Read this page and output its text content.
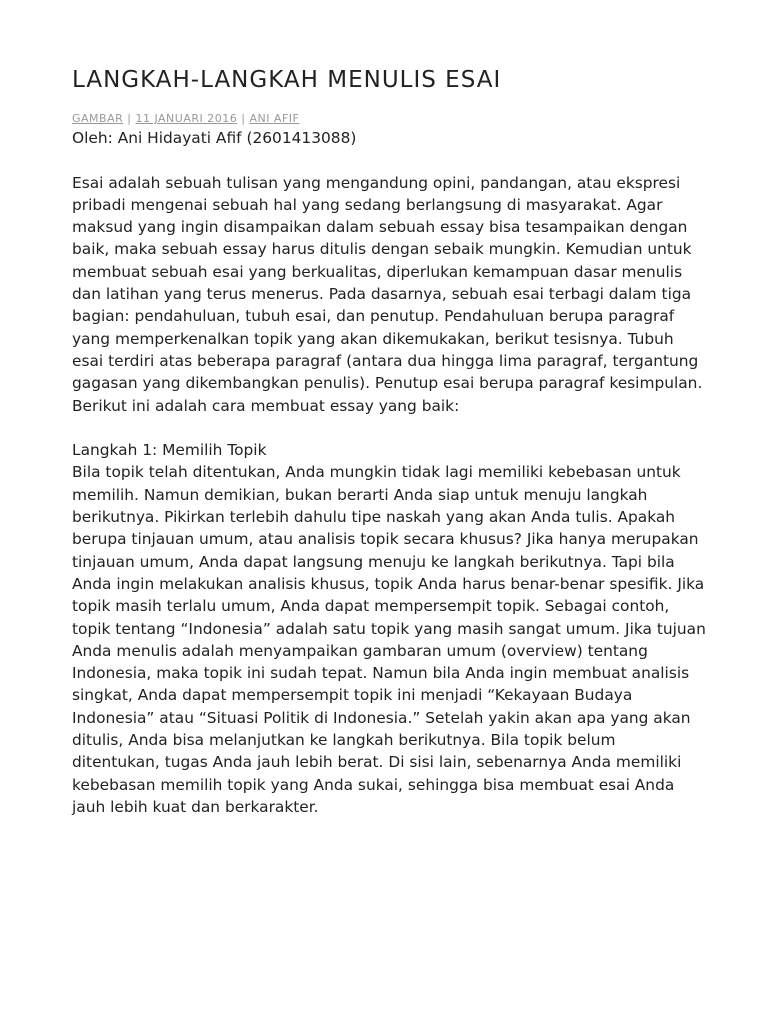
LANGKAH-LANGKAH MENULIS ESAI
GAMBAR | 11 JANUARI 2016 | ANI AFIF

Oleh: Ani Hidayati Afif (2601413088)

Esai adalah sebuah tulisan yang mengandung opini, pandangan, atau ekspresi pribadi mengenai sebuah hal yang sedang berlangsung di masyarakat. Agar maksud yang ingin disampaikan dalam sebuah essay bisa tesampaikan dengan baik, maka sebuah essay harus ditulis dengan sebaik mungkin. Kemudian untuk membuat sebuah esai yang berkualitas, diperlukan kemampuan dasar menulis dan latihan yang terus menerus. Pada dasarnya, sebuah esai terbagi dalam tiga bagian: pendahuluan, tubuh esai, dan penutup. Pendahuluan berupa paragraf yang memperkenalkan topik yang akan dikemukakan, berikut tesisnya. Tubuh esai terdiri atas beberapa paragraf (antara dua hingga lima paragraf, tergantung gagasan yang dikembangkan penulis). Penutup esai berupa paragraf kesimpulan. Berikut ini adalah cara membuat essay yang baik:

Langkah 1: Memilih Topik

Bila topik telah ditentukan, Anda mungkin tidak lagi memiliki kebebasan untuk memilih. Namun demikian, bukan berarti Anda siap untuk menuju langkah berikutnya. Pikirkan terlebih dahulu tipe naskah yang akan Anda tulis. Apakah berupa tinjauan umum, atau analisis topik secara khusus? Jika hanya merupakan tinjauan umum, Anda dapat langsung menuju ke langkah berikutnya. Tapi bila Anda ingin melakukan analisis khusus, topik Anda harus benar-benar spesifik. Jika topik masih terlalu umum, Anda dapat mempersempit topik. Sebagai contoh, topik tentang “Indonesia” adalah satu topik yang masih sangat umum. Jika tujuan Anda menulis adalah menyampaikan gambaran umum (overview) tentang Indonesia, maka topik ini sudah tepat. Namun bila Anda ingin membuat analisis singkat, Anda dapat mempersempit topik ini menjadi “Kekayaan Budaya Indonesia” atau “Situasi Politik di Indonesia.” Setelah yakin akan apa yang akan ditulis, Anda bisa melanjutkan ke langkah berikutnya. Bila topik belum ditentukan, tugas Anda jauh lebih berat. Di sisi lain, sebenarnya Anda memiliki kebebasan memilih topik yang Anda sukai, sehingga bisa membuat esai Anda jauh lebih kuat dan berkarakter.
